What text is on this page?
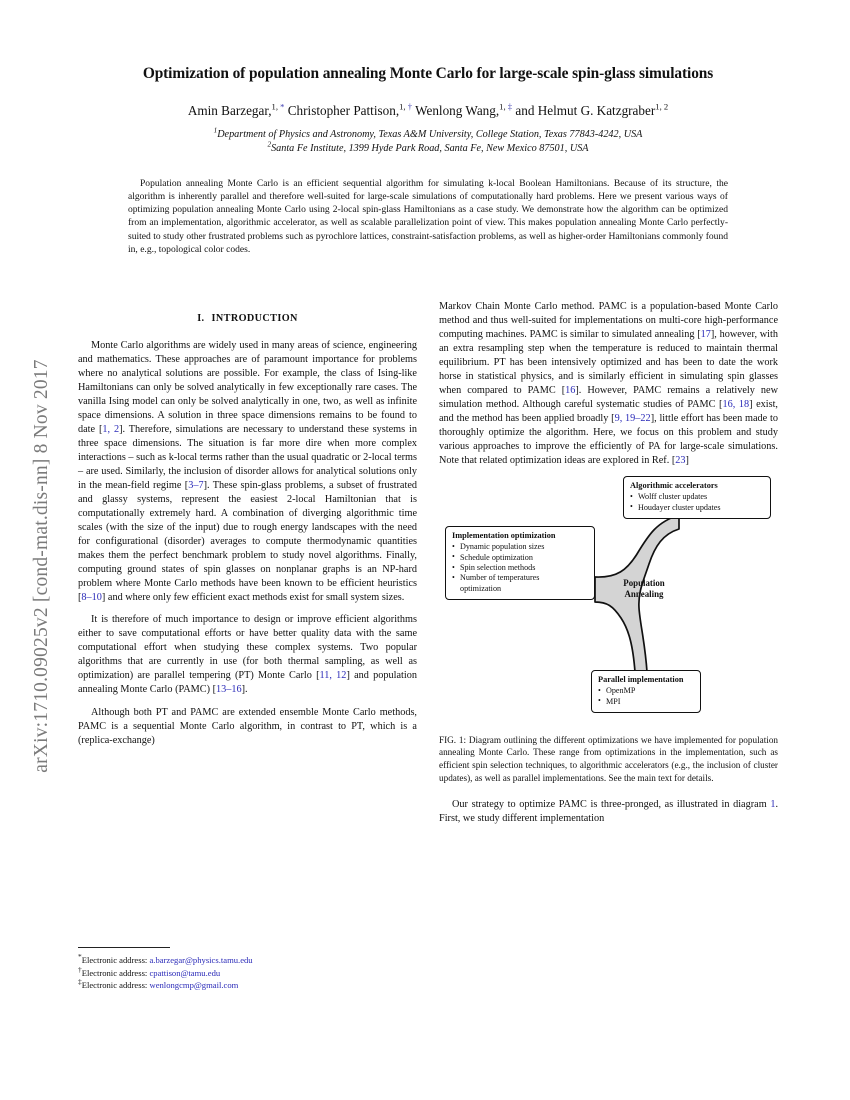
arXiv:1710.09025v2 [cond-mat.dis-nn] 8 Nov 2017
Optimization of population annealing Monte Carlo for large-scale spin-glass simulations
Amin Barzegar,$^{1,}$ * Christopher Pattison,$^{1,}$ † Wenlong Wang,$^{1,}$ ‡ and Helmut G. Katzgraber$^{1, 2}$
$^1$Department of Physics and Astronomy, Texas A&M University, College Station, Texas 77843-4242, USA
$^2$Santa Fe Institute, 1399 Hyde Park Road, Santa Fe, New Mexico 87501, USA
Population annealing Monte Carlo is an efficient sequential algorithm for simulating k-local Boolean Hamiltonians. Because of its structure, the algorithm is inherently parallel and therefore well-suited for large-scale simulations of computationally hard problems. Here we present various ways of optimizing population annealing Monte Carlo using 2-local spin-glass Hamiltonians as a case study. We demonstrate how the algorithm can be optimized from an implementation, algorithmic accelerator, as well as scalable parallelization point of view. This makes population annealing Monte Carlo perfectly-suited to study other frustrated problems such as pyrochlore lattices, constraint-satisfaction problems, as well as higher-order Hamiltonians commonly found in, e.g., topological color codes.
I. INTRODUCTION

Monte Carlo algorithms are widely used in many areas of science, engineering and mathematics. These approaches are of paramount importance for problems where no analytical solutions are possible. For example, the class of Ising-like Hamiltonians can only be solved analytically in few exceptionally rare cases. The vanilla Ising model can only be solved analytically in one, two, as well as infinite space dimensions. A solution in three space dimensions remains to be found to date [1, 2]. Therefore, simulations are necessary to understand these systems in three space dimensions. The situation is far more dire when more complex interactions – such as k-local terms rather than the usual quadratic or 2-local terms – are used. Similarly, the inclusion of disorder allows for analytical solutions only in the mean-field regime [3–7]. These spin-glass problems, a subset of frustrated and glassy systems, represent the easiest 2-local Hamiltonian that is computationally extremely hard. A combination of diverging algorithmic time scales (with the size of the input) due to rough energy landscapes with the need for configurational (disorder) averages to compute thermodynamic quantities makes them the perfect benchmark problem to study novel algorithms. Finally, computing ground states of spin glasses on nonplanar graphs is an NP-hard problem where Monte Carlo methods have been known to be efficient heuristics [8–10] and where only few efficient exact methods exist for small system sizes.

It is therefore of much importance to design or improve efficient algorithms either to save computational efforts or have better quality data with the same computational effort when studying these complex systems. Two popular algorithms that are currently in use (for both thermal sampling, as well as optimization) are parallel tempering (PT) Monte Carlo [11, 12] and population annealing Monte Carlo (PAMC) [13–16].

Although both PT and PAMC are extended ensemble Monte Carlo methods, PAMC is a sequential Monte Carlo algorithm, in contrast to PT, which is a (replica-exchange)

*Electronic address: a.barzegar@physics.tamu.edu
†Electronic address: cpattison@tamu.edu
‡Electronic address: wenlongcmp@gmail.com

Markov Chain Monte Carlo method. PAMC is a population-based Monte Carlo method and thus well-suited for implementations on multi-core high-performance computing machines. PAMC is similar to simulated annealing [17], however, with an extra resampling step when the temperature is reduced to maintain thermal equilibrium. PT has been intensively optimized and has been to date the work horse in statistical physics, and is similarly efficient in simulating spin glasses when compared to PAMC [16]. However, PAMC remains a relatively new simulation method. Although careful systematic studies of PAMC [16, 18] exist, and the method has been applied broadly [9, 19–22], little effort has been made to thoroughly optimize the algorithm. Here, we focus on this problem and study various approaches to improve the efficiently of PA for large-scale simulations. Note that related optimization ideas are explored in Ref. [23]

Implementation optimization
• Dynamic population sizes
• Schedule optimization
• Spin selection methods
• Number of temperatures
optimization
Algorithmic accelerators
• Wolff cluster updates
• Houdayer cluster updates
Parallel implementation
• OpenMP
• MPI
Population
Annealing
FIG. 1: Diagram outlining the different optimizations we have implemented for population annealing Monte Carlo. These range from optimizations in the implementation, such as efficient spin selection techniques, to algorithmic accelerators (e.g., the inclusion of cluster updates), as well as parallel implementations. See the main text for details.

Our strategy to optimize PAMC is three-pronged, as illustrated in diagram 1. First, we study different implementation
